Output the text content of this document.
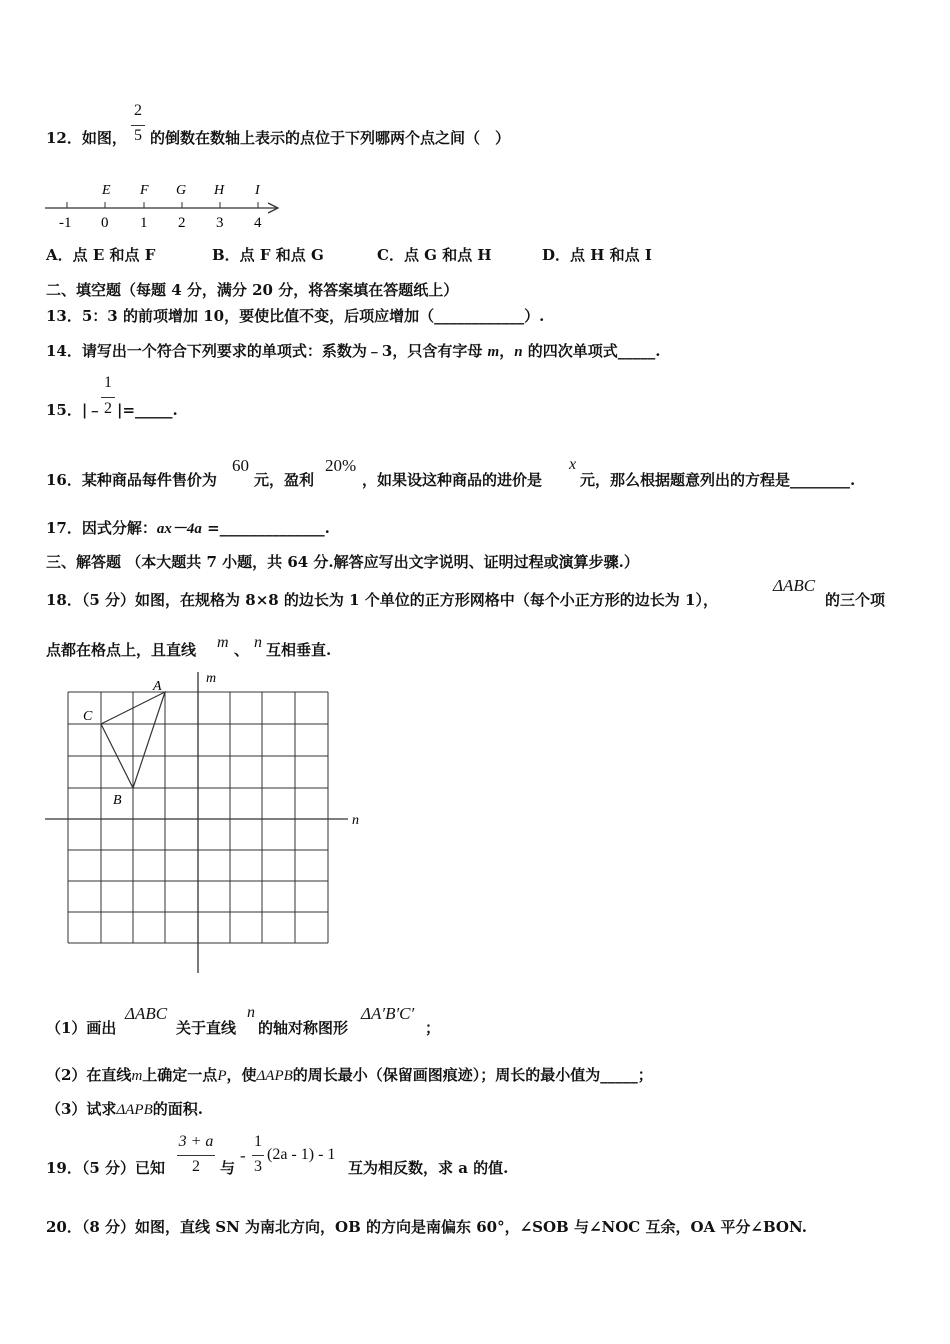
12．如图，
2
5 的倒数在数轴上表示的点位于下列哪两个点之间（　）
E F G H I
-1 0 1 2 3 4
A．点 E 和点 F	B．点 F 和点 G	C．点 G 和点 H	D．点 H 和点 I
二、填空题（每题 4 分，满分 20 分，将答案填在答题纸上）
13．5：3 的前项增加 10，要使比值不变，后项应增加（____________）.
14．请写出一个符合下列要求的单项式：系数为﹣3，只含有字母 m，n 的四次单项式_____.
15．|﹣
1
2 |=_____.
16．某种商品每件售价为
60
元，盈利
20%
，如果设这种商品的进价是
x
元，那么根据题意列出的方程是________.
17．因式分解：ax－4a =______________.
三、解答题 （本大题共 7 小题，共 64 分.解答应写出文字说明、证明过程或演算步骤.）
18．（5 分）如图，在规格为 8×8 的边长为 1 个单位的正方形网格中（每个小正方形的边长为 1），
ΔABC
的三个项
点都在格点上，且直线 m 、 n 互相垂直.
A
B
C
m
n
（1）画出
ΔABC
关于直线
n
的轴对称图形
ΔA′B′C′
；
（2）在直线m上确定一点P，使ΔAPB的周长最小（保留画图痕迹）；周长的最小值为_____；
（3）试求ΔAPB的面积.
19．（5 分）已知
3 + a
2	与
-
1
3
(2a - 1) - 1
互为相反数，求 a 的值.
20．（8 分）如图，直线 SN 为南北方向，OB 的方向是南偏东 60°，∠SOB 与∠NOC 互余，OA 平分∠BON.
